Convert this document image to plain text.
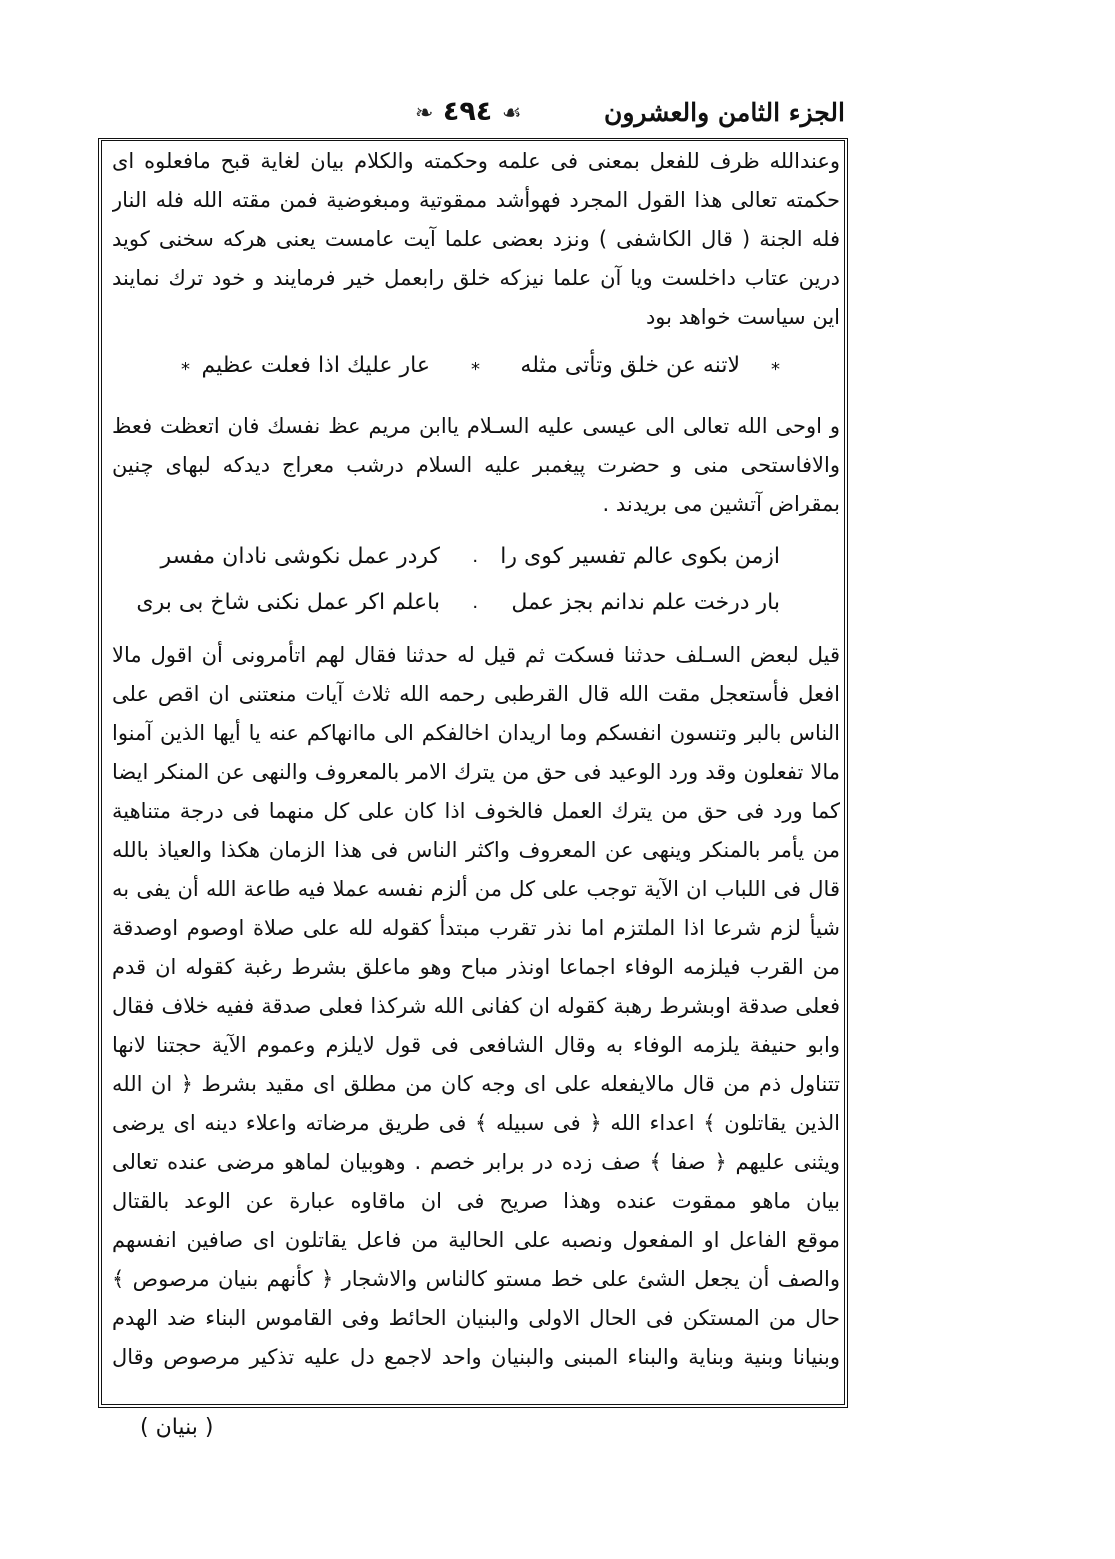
الجزء الثامن والعشرون
☙ ٤٩٤ ❧
وعندالله ظرف للفعل بمعنى فى علمه وحكمته والكلام بيان لغاية قبح مافعلوه اى
حكمته تعالى هذا القول المجرد فهوأشد ممقوتية ومبغوضية فمن مقته الله فله النار
فله الجنة ( قال الكاشفى ) ونزد بعضى علما آيت عامست يعنى هركه سخنى كويد
درين عتاب داخلست ويا آن علما نيزكه خلق رابعمل خير فرمايند و خود ترك نمايند
اين سياست خواهد بود
*
لاتنه عن خلق وتأتى مثله
*
عار عليك اذا فعلت عظيم
*
و اوحى الله تعالى الى عيسى عليه السـلام ياابن مريم عظ نفسك فان اتعظت فعظ
والافاستحى منى و حضرت پيغمبر عليه السلام درشب معراج ديدكه لبهاى چنين
بمقراض آتشين مى بريدند .
ازمن بكوى عالم تفسير كوى را
٠
كردر عمل نكوشى نادان مفسر
بار درخت علم ندانم بجز عمل
٠
باعلم اكر عمل نكنى شاخ بى برى
قيل لبعض السـلف حدثنا فسكت ثم قيل له حدثنا فقال لهم اتأمرونى أن اقول مالا
افعل فأستعجل مقت الله قال القرطبى رحمه الله ثلاث آيات منعتنى ان اقص على
الناس بالبر وتنسون انفسكم وما اريدان اخالفكم الى ماانهاكم عنه يا أيها الذين آمنوا
مالا تفعلون وقد ورد الوعيد فى حق من يترك الامر بالمعروف والنهى عن المنكر ايضا
كما ورد فى حق من يترك العمل فالخوف اذا كان على كل منهما فى درجة متناهية
من يأمر بالمنكر وينهى عن المعروف واكثر الناس فى هذا الزمان هكذا والعياذ بالله
قال فى اللباب ان الآية توجب على كل من ألزم نفسه عملا فيه طاعة الله أن يفى به
شيأ لزم شرعا اذا الملتزم اما نذر تقرب مبتدأ كقوله لله على صلاة اوصوم اوصدقة
من القرب فيلزمه الوفاء اجماعا اونذر مباح وهو ماعلق بشرط رغبة كقوله ان قدم
فعلى صدقة اوبشرط رهبة كقوله ان كفانى الله شركذا فعلى صدقة ففيه خلاف فقال
وابو حنيفة يلزمه الوفاء به وقال الشافعى فى قول لايلزم وعموم الآية حجتنا لانها
تتناول ذم من قال مالايفعله على اى وجه كان من مطلق اى مقيد بشرط ﴿ ان الله
الذين يقاتلون ﴾ اعداء الله ﴿ فى سبيله ﴾ فى طريق مرضاته واعلاء دينه اى يرضى
ويثنى عليهم ﴿ صفا ﴾ صف زده در برابر خصم . وهوبيان لماهو مرضى عنده تعالى
بيان ماهو ممقوت عنده وهذا صريح فى ان ماقاوه عبارة عن الوعد بالقتال
موقع الفاعل او المفعول ونصبه على الحالية من فاعل يقاتلون اى صافين انفسهم
والصف أن يجعل الشئ على خط مستو كالناس والاشجار ﴿ كأنهم بنيان مرصوص ﴾
حال من المستكن فى الحال الاولى والبنيان الحائط وفى القاموس البناء ضد الهدم
وبنيانا وبنية وبناية والبناء المبنى والبنيان واحد لاجمع دل عليه تذكير مرصوص وقال
( بنيان )
